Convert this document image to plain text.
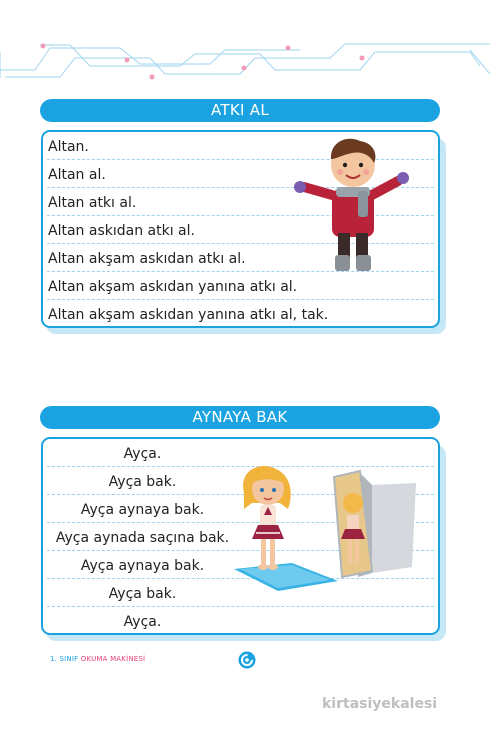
ATKI AL
Altan.
Altan al.
Altan atkı al.
Altan askıdan atkı al.
Altan akşam askıdan atkı al.
Altan akşam askıdan yanına atkı al.
Altan akşam askıdan yanına atkı al, tak.
AYNAYA BAK
Ayça.
Ayça bak.
Ayça aynaya bak.
Ayça aynada saçına bak.
Ayça aynaya bak.
Ayça bak.
Ayça.
1. SINIF OKUMA MAKİNESİ
kirtasiyekalesi
